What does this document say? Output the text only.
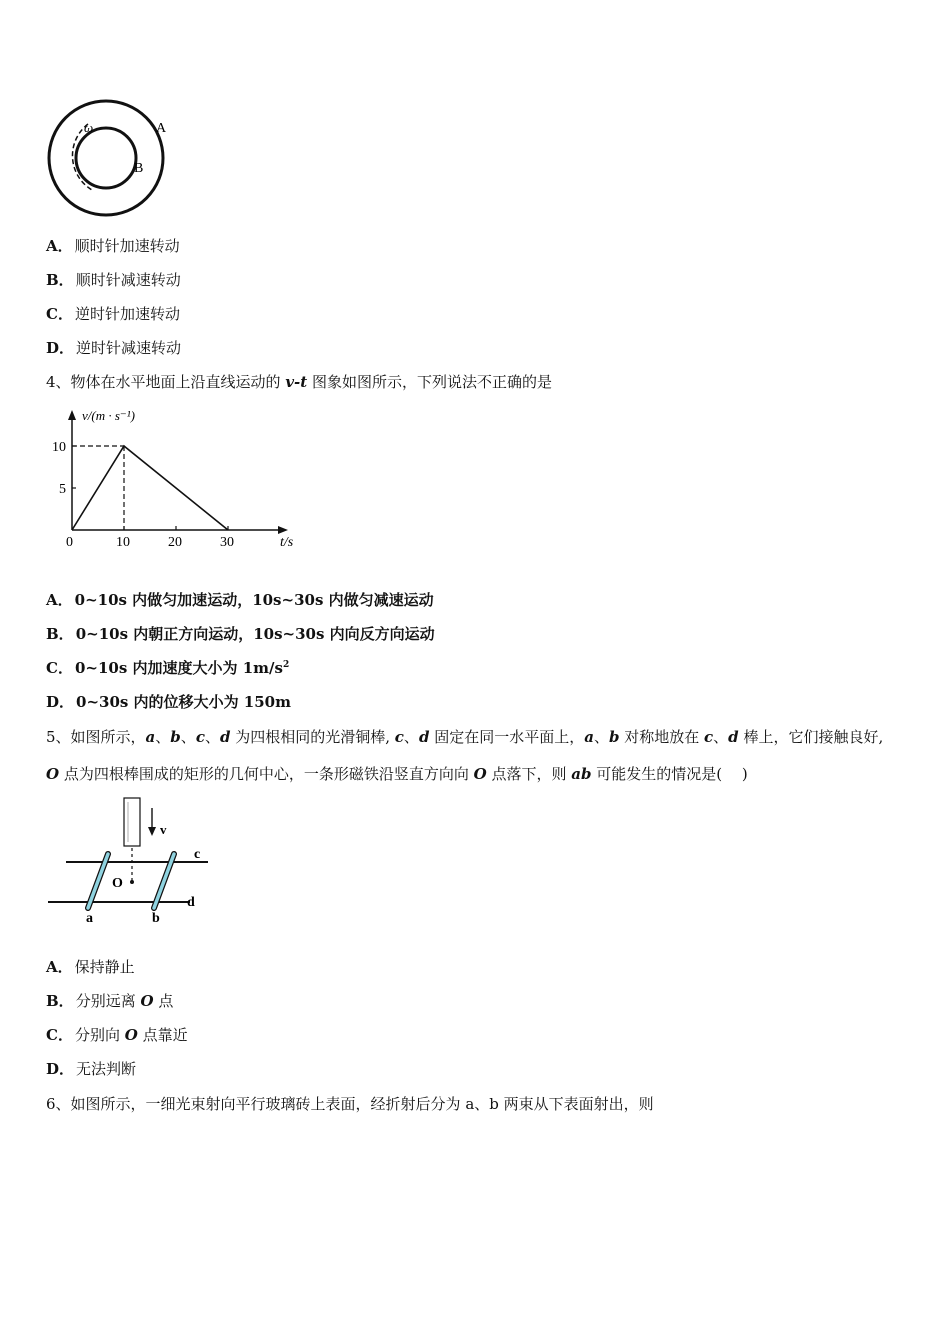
ω	A
B
A． 顺时针加速转动
B． 顺时针减速转动
C． 逆时针加速转动
D． 逆时针减速转动
4、物体在水平地面上沿直线运动的 v-t 图象如图所示，下列说法不正确的是
v/(m · s⁻¹)
t/s
0	10	20	30
5
10
A． 0~10s 内做匀加速运动，10s~30s 内做匀减速运动
B． 0~10s 内朝正方向运动，10s~30s 内向反方向运动
C． 0~10s 内加速度大小为 $1m/s^2$
D． 0~30s 内的位移大小为 150m
5、如图所示，a、b、c、d 为四根相同的光滑铜棒, c、d 固定在同一水平面上，a、b 对称地放在 c、d 棒上，它们接触良好,
O 点为四根棒围成的矩形的几何中心，一条形磁铁沿竖直方向向 O 点落下，则 ab 可能发生的情况是(　 )
v
c
d
O
a	b
A． 保持静止
B． 分别远离 O 点
C． 分别向 O 点靠近
D． 无法判断
6、如图所示，一细光束射向平行玻璃砖上表面，经折射后分为 a、b 两束从下表面射出，则
